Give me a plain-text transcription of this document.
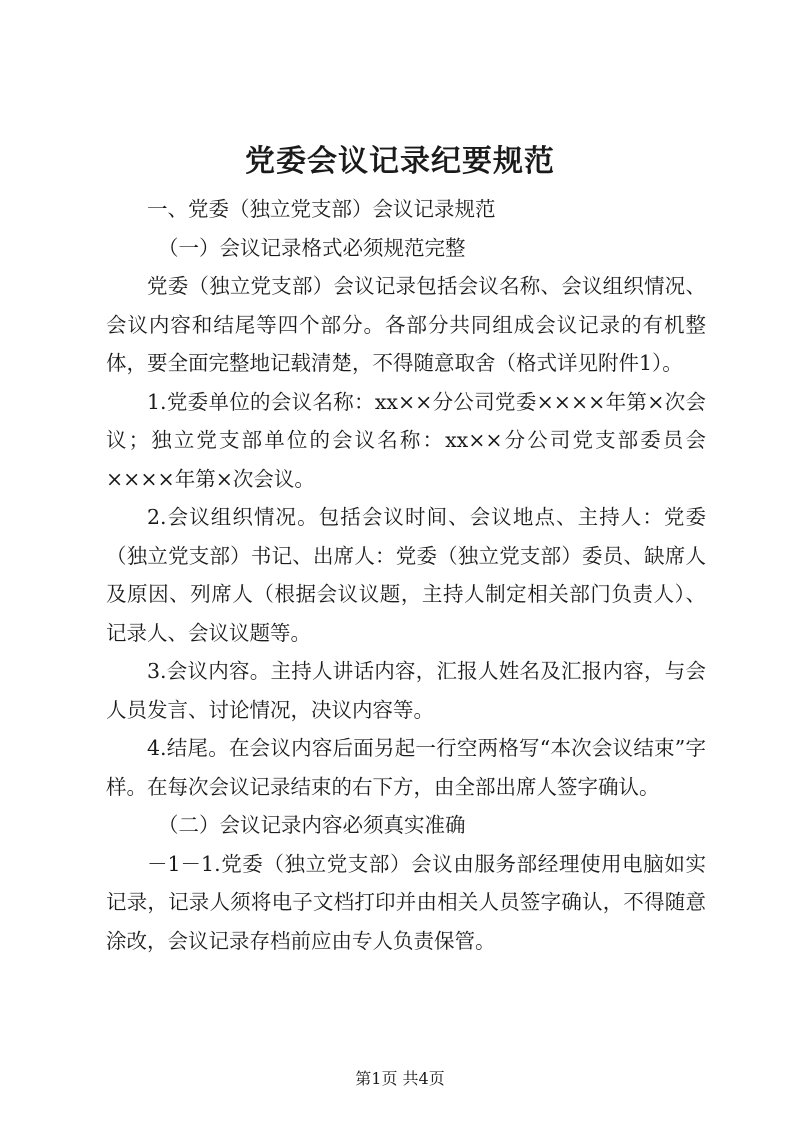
党委会议记录纪要规范

一、党委（独立党支部）会议记录规范

（一）会议记录格式必须规范完整

党委（独立党支部）会议记录包括会议名称、会议组织情况、会议内容和结尾等四个部分。各部分共同组成会议记录的有机整体，要全面完整地记载清楚，不得随意取舍（格式详见附件1）。

1.党委单位的会议名称：xx××分公司党委××××年第×次会议；独立党支部单位的会议名称：xx××分公司党支部委员会××××年第×次会议。

2.会议组织情况。包括会议时间、会议地点、主持人：党委（独立党支部）书记、出席人：党委（独立党支部）委员、缺席人及原因、列席人（根据会议议题，主持人制定相关部门负责人）、记录人、会议议题等。

3.会议内容。主持人讲话内容，汇报人姓名及汇报内容，与会人员发言、讨论情况，决议内容等。

4.结尾。在会议内容后面另起一行空两格写“本次会议结束”字样。在每次会议记录结束的右下方，由全部出席人签字确认。

（二）会议记录内容必须真实准确

－1－1.党委（独立党支部）会议由服务部经理使用电脑如实记录，记录人须将电子文档打印并由相关人员签字确认，不得随意涂改，会议记录存档前应由专人负责保管。

第1页 共4页
